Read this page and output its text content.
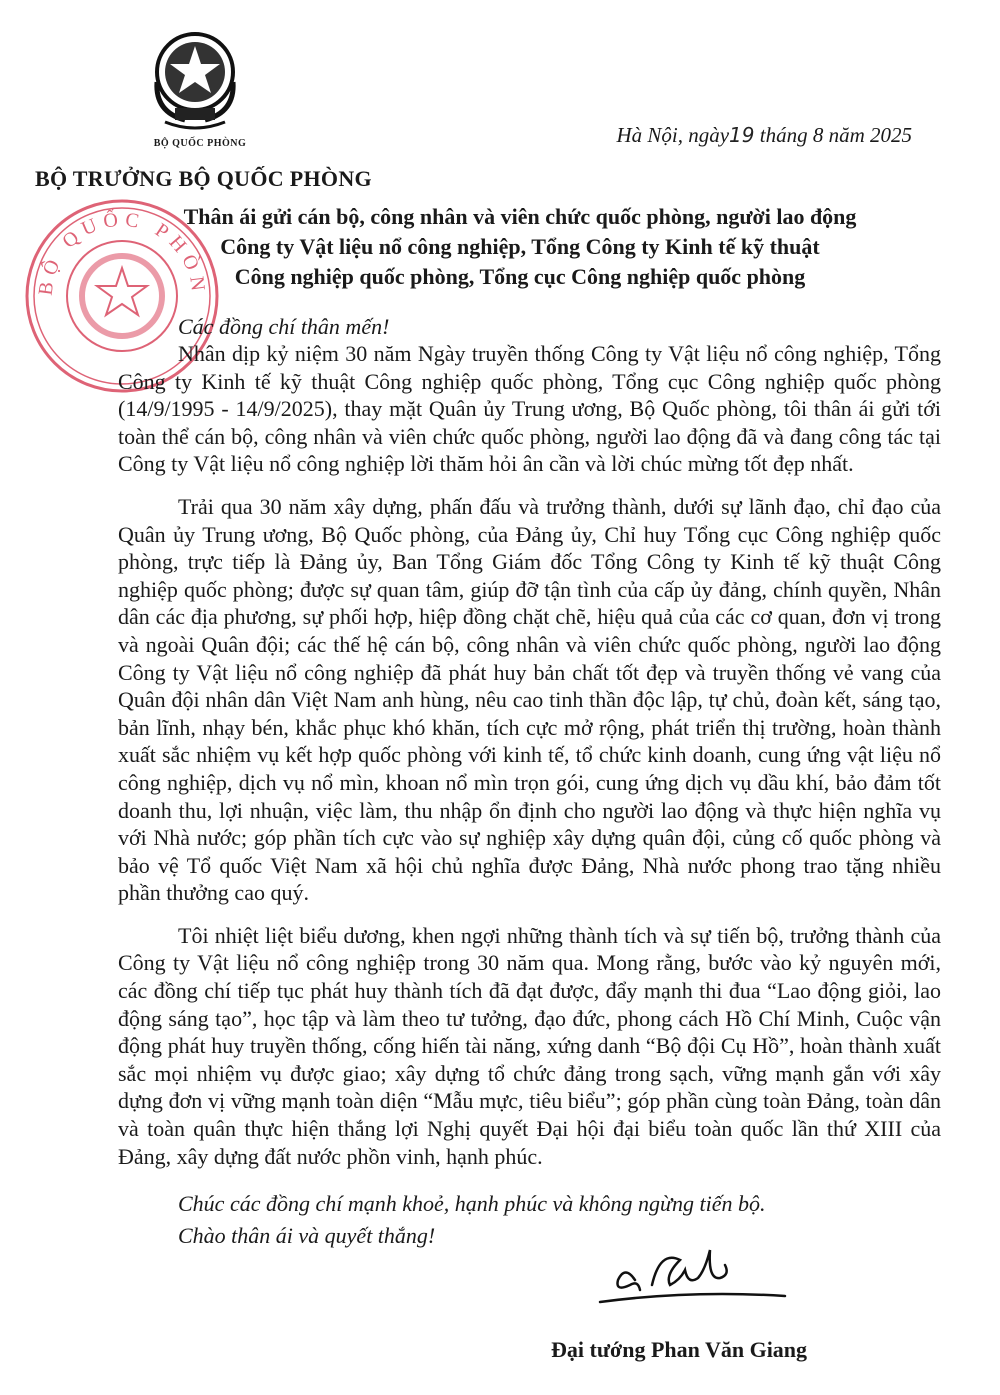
BỘ QUỐC PHÒNG
BỘ QUỐC PHÒN
BỘ TRƯỞNG BỘ QUỐC PHÒNG
Hà Nội, ngày19 tháng 8 năm 2025
Thân ái gửi cán bộ, công nhân và viên chức quốc phòng, người lao động
Công ty Vật liệu nổ công nghiệp, Tổng Công ty Kinh tế kỹ thuật
Công nghiệp quốc phòng, Tổng cục Công nghiệp quốc phòng
Các đồng chí thân mến!

Nhân dịp kỷ niệm 30 năm Ngày truyền thống Công ty Vật liệu nổ công nghiệp, Tổng Công ty Kinh tế kỹ thuật Công nghiệp quốc phòng, Tổng cục Công nghiệp quốc phòng (14/9/1995 - 14/9/2025), thay mặt Quân ủy Trung ương, Bộ Quốc phòng, tôi thân ái gửi tới toàn thể cán bộ, công nhân và viên chức quốc phòng, người lao động đã và đang công tác tại Công ty Vật liệu nổ công nghiệp lời thăm hỏi ân cần và lời chúc mừng tốt đẹp nhất.

Trải qua 30 năm xây dựng, phấn đấu và trưởng thành, dưới sự lãnh đạo, chỉ đạo của Quân ủy Trung ương, Bộ Quốc phòng, của Đảng ủy, Chỉ huy Tổng cục Công nghiệp quốc phòng, trực tiếp là Đảng ủy, Ban Tổng Giám đốc Tổng Công ty Kinh tế kỹ thuật Công nghiệp quốc phòng; được sự quan tâm, giúp đỡ tận tình của cấp ủy đảng, chính quyền, Nhân dân các địa phương, sự phối hợp, hiệp đồng chặt chẽ, hiệu quả của các cơ quan, đơn vị trong và ngoài Quân đội; các thế hệ cán bộ, công nhân và viên chức quốc phòng, người lao động Công ty Vật liệu nổ công nghiệp đã phát huy bản chất tốt đẹp và truyền thống vẻ vang của Quân đội nhân dân Việt Nam anh hùng, nêu cao tinh thần độc lập, tự chủ, đoàn kết, sáng tạo, bản lĩnh, nhạy bén, khắc phục khó khăn, tích cực mở rộng, phát triển thị trường, hoàn thành xuất sắc nhiệm vụ kết hợp quốc phòng với kinh tế, tổ chức kinh doanh, cung ứng vật liệu nổ công nghiệp, dịch vụ nổ mìn, khoan nổ mìn trọn gói, cung ứng dịch vụ dầu khí, bảo đảm tốt doanh thu, lợi nhuận, việc làm, thu nhập ổn định cho người lao động và thực hiện nghĩa vụ với Nhà nước; góp phần tích cực vào sự nghiệp xây dựng quân đội, củng cố quốc phòng và bảo vệ Tổ quốc Việt Nam xã hội chủ nghĩa được Đảng, Nhà nước phong trao tặng nhiều phần thưởng cao quý.

Tôi nhiệt liệt biểu dương, khen ngợi những thành tích và sự tiến bộ, trưởng thành của Công ty Vật liệu nổ công nghiệp trong 30 năm qua. Mong rằng, bước vào kỷ nguyên mới, các đồng chí tiếp tục phát huy thành tích đã đạt được, đẩy mạnh thi đua “Lao động giỏi, lao động sáng tạo”, học tập và làm theo tư tưởng, đạo đức, phong cách Hồ Chí Minh, Cuộc vận động phát huy truyền thống, cống hiến tài năng, xứng danh “Bộ đội Cụ Hồ”, hoàn thành xuất sắc mọi nhiệm vụ được giao; xây dựng tổ chức đảng trong sạch, vững mạnh gắn với xây dựng đơn vị vững mạnh toàn diện “Mẫu mực, tiêu biểu”; góp phần cùng toàn Đảng, toàn dân và toàn quân thực hiện thắng lợi Nghị quyết Đại hội đại biểu toàn quốc lần thứ XIII của Đảng, xây dựng đất nước phồn vinh, hạnh phúc.

Chúc các đồng chí mạnh khoẻ, hạnh phúc và không ngừng tiến bộ.
Chào thân ái và quyết thắng!
Đại tướng Phan Văn Giang
